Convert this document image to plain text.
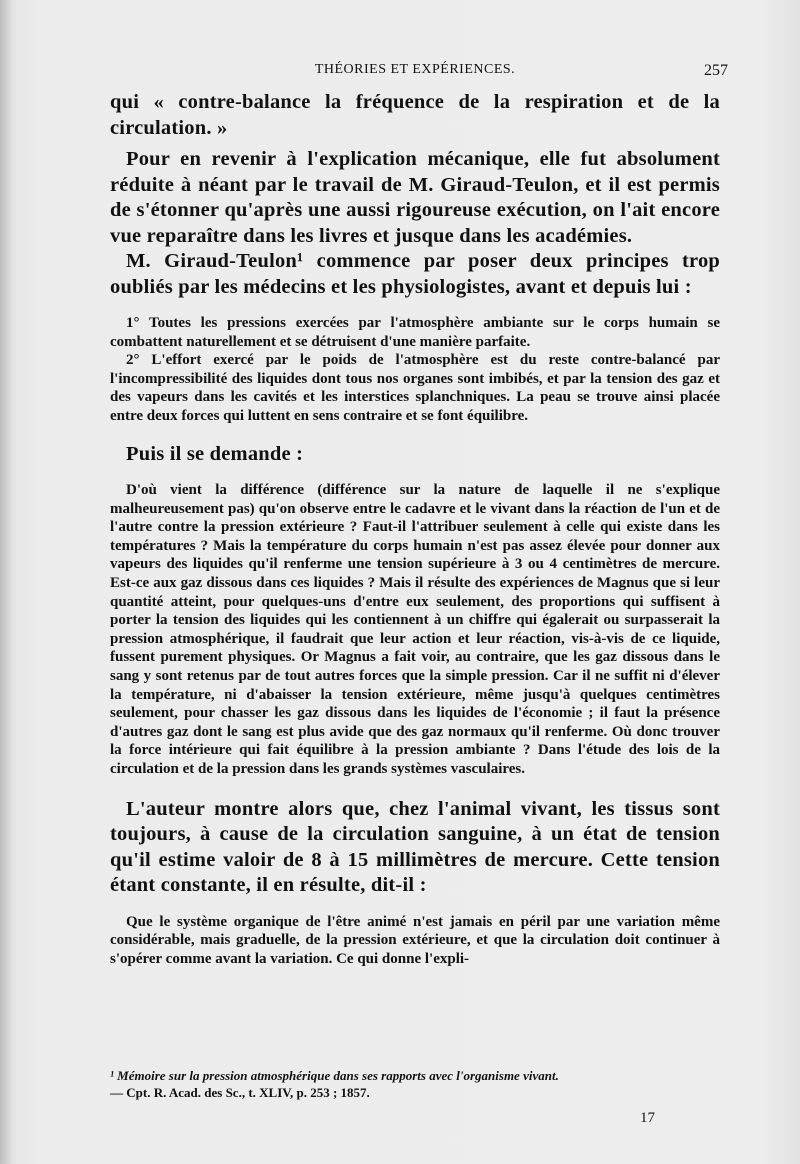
THÉORIES ET EXPÉRIENCES.	257

qui « contre-balance la fréquence de la respiration et de la circulation. »

Pour en revenir à l'explication mécanique, elle fut absolument réduite à néant par le travail de M. Giraud-Teulon, et il est permis de s'étonner qu'après une aussi rigoureuse exécution, on l'ait encore vue reparaître dans les livres et jusque dans les académies.

M. Giraud-Teulon¹ commence par poser deux principes trop oubliés par les médecins et les physiologistes, avant et depuis lui :

1° Toutes les pressions exercées par l'atmosphère ambiante sur le corps humain se combattent naturellement et se détruisent d'une manière parfaite.

2° L'effort exercé par le poids de l'atmosphère est du reste contre-balancé par l'incompressibilité des liquides dont tous nos organes sont imbibés, et par la tension des gaz et des vapeurs dans les cavités et les interstices splanchniques. La peau se trouve ainsi placée entre deux forces qui luttent en sens contraire et se font équilibre.

Puis il se demande :

D'où vient la différence (différence sur la nature de laquelle il ne s'explique malheureusement pas) qu'on observe entre le cadavre et le vivant dans la réaction de l'un et de l'autre contre la pression extérieure ? Faut-il l'attribuer seulement à celle qui existe dans les températures ? Mais la température du corps humain n'est pas assez élevée pour donner aux vapeurs des liquides qu'il renferme une tension supérieure à 3 ou 4 centimètres de mercure. Est-ce aux gaz dissous dans ces liquides ? Mais il résulte des expériences de Magnus que si leur quantité atteint, pour quelques-uns d'entre eux seulement, des proportions qui suffisent à porter la tension des liquides qui les contiennent à un chiffre qui égalerait ou surpasserait la pression atmosphérique, il faudrait que leur action et leur réaction, vis-à-vis de ce liquide, fussent purement physiques. Or Magnus a fait voir, au contraire, que les gaz dissous dans le sang y sont retenus par de tout autres forces que la simple pression. Car il ne suffit ni d'élever la température, ni d'abaisser la tension extérieure, même jusqu'à quelques centimètres seulement, pour chasser les gaz dissous dans les liquides de l'économie ; il faut la présence d'autres gaz dont le sang est plus avide que des gaz normaux qu'il renferme. Où donc trouver la force intérieure qui fait équilibre à la pression ambiante ? Dans l'étude des lois de la circulation et de la pression dans les grands systèmes vasculaires.

L'auteur montre alors que, chez l'animal vivant, les tissus sont toujours, à cause de la circulation sanguine, à un état de tension qu'il estime valoir de 8 à 15 millimètres de mercure. Cette tension étant constante, il en résulte, dit-il :

Que le système organique de l'être animé n'est jamais en péril par une variation même considérable, mais graduelle, de la pression extérieure, et que la circulation doit continuer à s'opérer comme avant la variation. Ce qui donne l'expli-

¹ Mémoire sur la pression atmosphérique dans ses rapports avec l'organisme vivant.
— Cpt. R. Acad. des Sc., t. XLIV, p. 253 ; 1857.
17
